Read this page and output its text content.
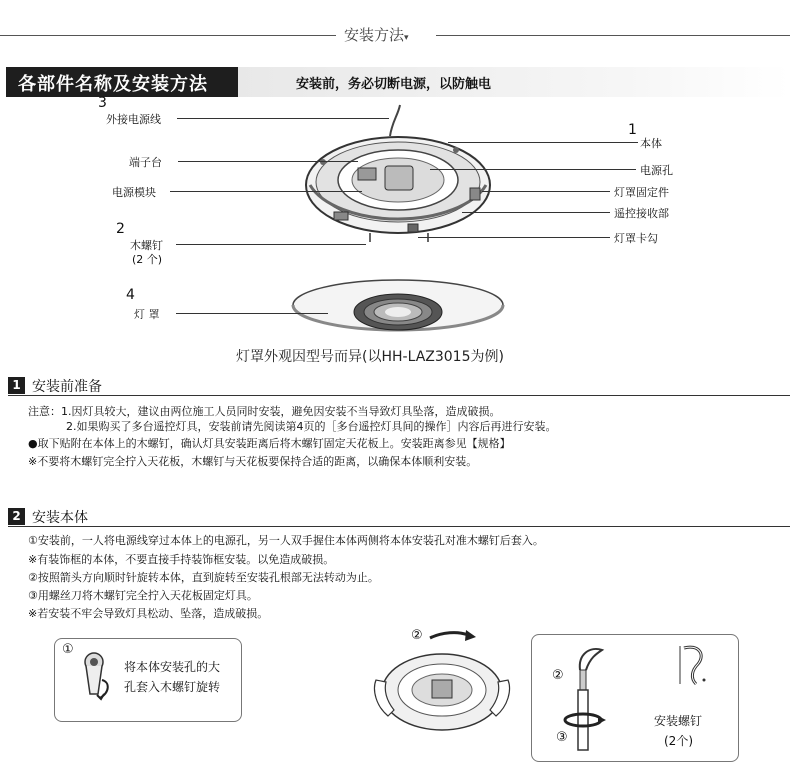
安装方法▾
各部件名称及安装方法	安装前，务必切断电源，以防触电
3
外接电源线
端子台
电源模块
2
木螺钉
(2 个)
4
灯 罩
1
本体
电源孔
灯罩固定件
遥控接收部
灯罩卡勾
灯罩外观因型号而异(以HH-LAZ3015为例)
1 安装前准备
注意：1.因灯具较大，建议由两位施工人员同时安装，避免因安装不当导致灯具坠落，造成破损。
2.如果购买了多台遥控灯具，安装前请先阅读第4页的［多台遥控灯具间的操作］内容后再进行安装。
●取下贴附在本体上的木螺钉，确认灯具安装距离后将木螺钉固定天花板上。安装距离参见【规格】
※不要将木螺钉完全拧入天花板，木螺钉与天花板要保持合适的距离，以确保本体顺利安装。
2 安装本体
①安装前，一人将电源线穿过本体上的电源孔，另一人双手握住本体两侧将本体安装孔对准木螺钉后套入。
※有装饰框的本体，不要直接手持装饰框安装。以免造成破损。
②按照箭头方向顺时针旋转本体，直到旋转至安装孔根部无法转动为止。
③用螺丝刀将木螺钉完全拧入天花板固定灯具。
※若安装不牢会导致灯具松动、坠落，造成破损。
①
将本体安装孔的大
孔套入木螺钉旋转
②
②
③
安装螺钉
(2个)
